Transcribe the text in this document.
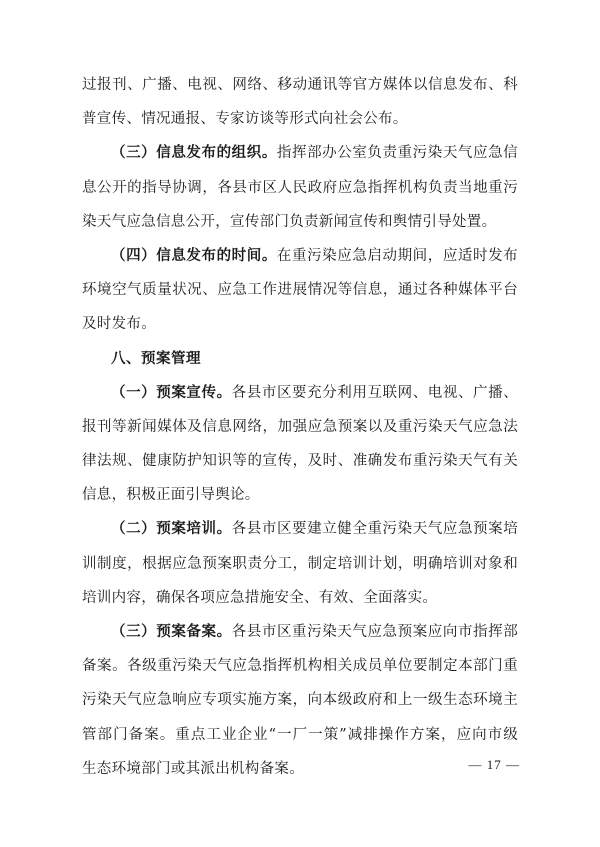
过报刊、广播、电视、网络、移动通讯等官方媒体以信息发布、科
普宣传、情况通报、专家访谈等形式向社会公布。
（三）信息发布的组织。指挥部办公室负责重污染天气应急信
息公开的指导协调，各县市区人民政府应急指挥机构负责当地重污
染天气应急信息公开，宣传部门负责新闻宣传和舆情引导处置。
（四）信息发布的时间。在重污染应急启动期间，应适时发布
环境空气质量状况、应急工作进展情况等信息，通过各种媒体平台
及时发布。
八、预案管理
（一）预案宣传。各县市区要充分利用互联网、电视、广播、
报刊等新闻媒体及信息网络，加强应急预案以及重污染天气应急法
律法规、健康防护知识等的宣传，及时、准确发布重污染天气有关
信息，积极正面引导舆论。
（二）预案培训。各县市区要建立健全重污染天气应急预案培
训制度，根据应急预案职责分工，制定培训计划，明确培训对象和
培训内容，确保各项应急措施安全、有效、全面落实。
（三）预案备案。各县市区重污染天气应急预案应向市指挥部
备案。各级重污染天气应急指挥机构相关成员单位要制定本部门重
污染天气应急响应专项实施方案，向本级政府和上一级生态环境主
管部门备案。重点工业企业“一厂一策”减排操作方案，应向市级
生态环境部门或其派出机构备案。	— 17 —
